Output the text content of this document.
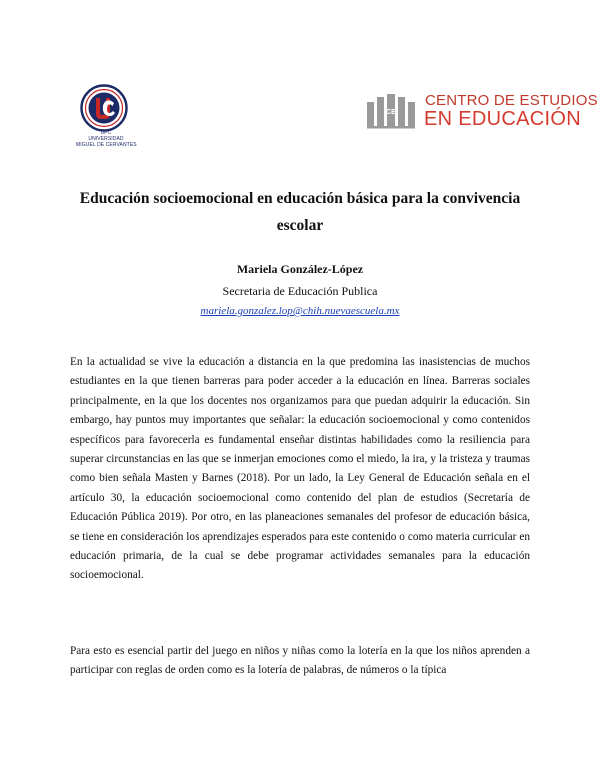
UPC
UNIVERSIDAD
MIGUEL DE CERVANTES
CE
CENTRO DE ESTUDIOS
EN EDUCACIÓN
Educación socioemocional en educación básica para la convivencia escolar
Mariela González-López
Secretaria de Educación Publica
mariela.gonzalez.lop@chih.nuevaescuela.mx

En la actualidad se vive la educación a distancia en la que predomina las inasistencias de muchos estudiantes en la que tienen barreras para poder acceder a la educación en línea. Barreras sociales principalmente, en la que los docentes nos organizamos para que puedan adquirir la educación. Sin embargo, hay puntos muy importantes que señalar: la educación socioemocional y como contenidos específicos para favorecerla es fundamental enseñar distintas habilidades como la resiliencia para superar circunstancias en las que se inmerjan emociones como el miedo, la ira, y la tristeza y traumas como bien señala Masten y Barnes (2018). Por un lado, la Ley General de Educación señala en el artículo 30, la educación socioemocional como contenido del plan de estudios (Secretaría de Educación Pública 2019). Por otro, en las planeaciones semanales del profesor de educación básica, se tiene en consideración los aprendizajes esperados para este contenido o como materia curricular en educación primaria, de la cual se debe programar actividades semanales para la educación socioemocional.

Para esto es esencial partir del juego en niños y niñas como la lotería en la que los niños aprenden a participar con reglas de orden como es la lotería de palabras, de números o la típica
